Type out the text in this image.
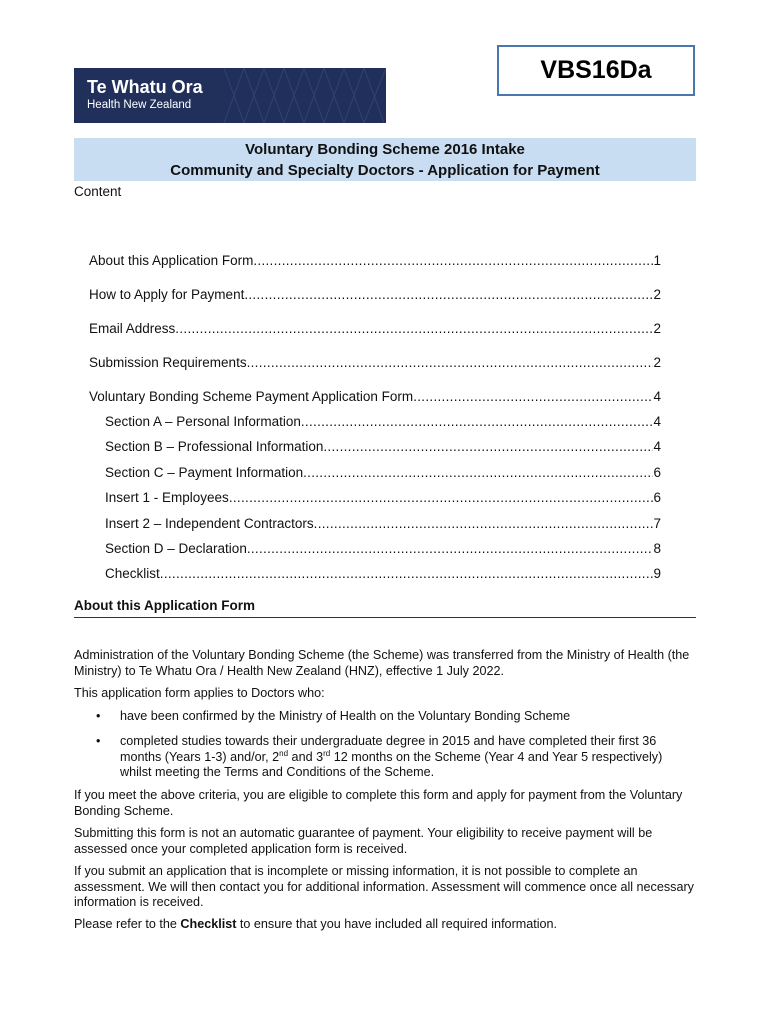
Te Whatu Ora
Health New Zealand
VBS16Da
Voluntary Bonding Scheme 2016 Intake
Community and Specialty Doctors - Application for Payment
Content
About this Application Form .....	1
How to Apply for Payment .....	2
Email Address .....	2
Submission Requirements .....	2
Voluntary Bonding Scheme Payment Application Form .....	4
Section A – Personal Information .....	4
Section B – Professional Information .....	4
Section C – Payment Information .....	6
Insert 1 - Employees .....	6
Insert 2 – Independent Contractors .....	7
Section D – Declaration .....	8
Checklist .....	9
About this Application Form
Administration of the Voluntary Bonding Scheme (the Scheme) was transferred from the Ministry of Health (the Ministry) to Te Whatu Ora / Health New Zealand (HNZ), effective 1 July 2022.
This application form applies to Doctors who:
• have been confirmed by the Ministry of Health on the Voluntary Bonding Scheme
• completed studies towards their undergraduate degree in 2015 and have completed their first 36 months (Years 1-3) and/or, 2nd and 3rd 12 months on the Scheme (Year 4 and Year 5 respectively) whilst meeting the Terms and Conditions of the Scheme.
If you meet the above criteria, you are eligible to complete this form and apply for payment from the Voluntary Bonding Scheme.
Submitting this form is not an automatic guarantee of payment. Your eligibility to receive payment will be assessed once your completed application form is received.
If you submit an application that is incomplete or missing information, it is not possible to complete an assessment. We will then contact you for additional information. Assessment will commence once all necessary information is received.
Please refer to the Checklist to ensure that you have included all required information.
